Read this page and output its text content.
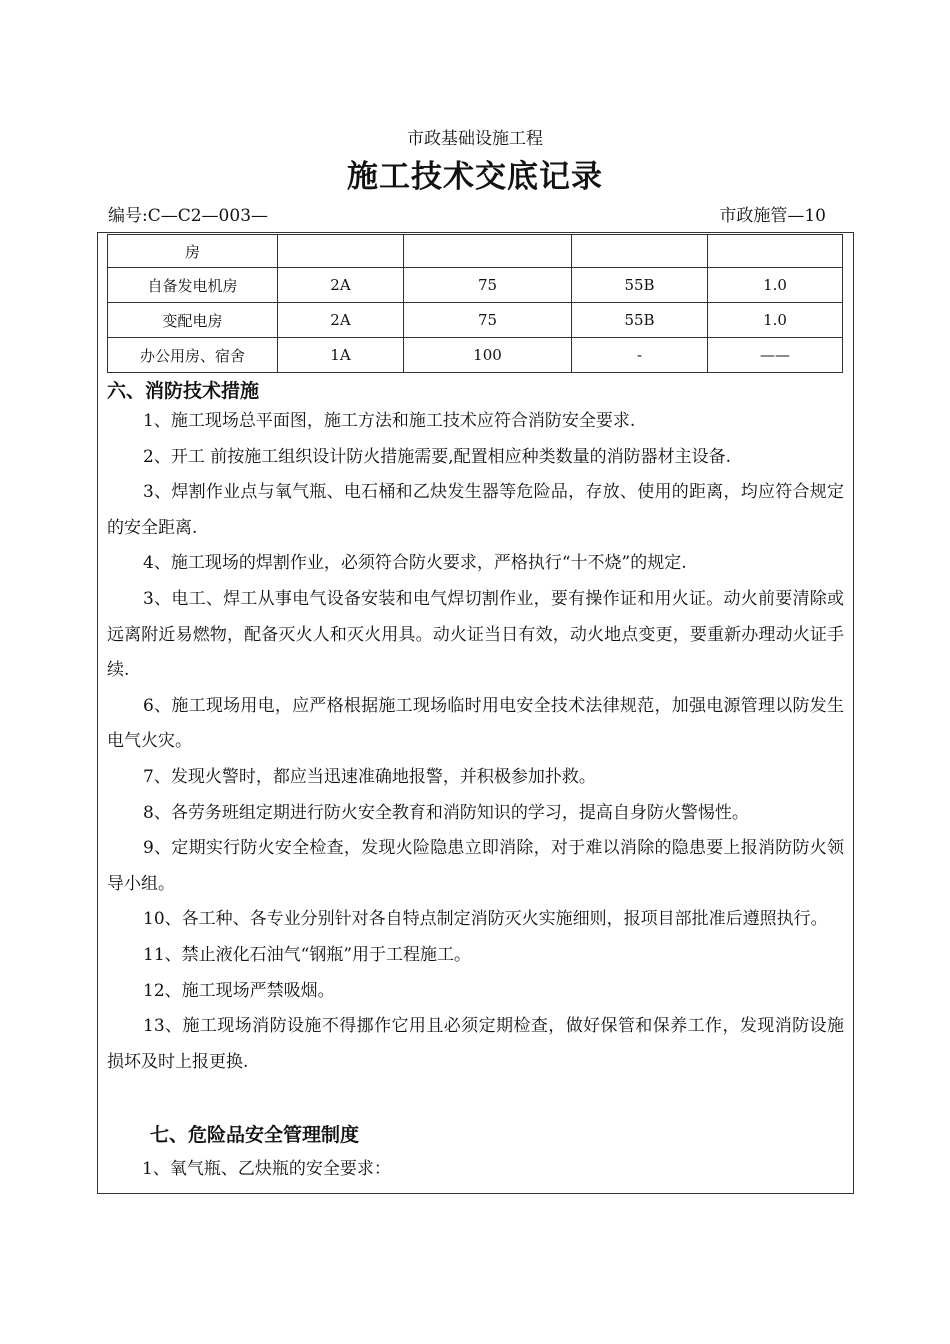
市政基础设施工程
施工技术交底记录
编号:C—C2—003—	市政施管—10
房				
自备发电机房	2A	75	55B	1.0
变配电房	2A	75	55B	1.0
办公用房、宿舍	1A	100	-	——
六、消防技术措施

1、施工现场总平面图，施工方法和施工技术应符合消防安全要求.

2、开工 前按施工组织设计防火措施需要,配置相应种类数量的消防器材主设备.

3、焊割作业点与氧气瓶、电石桶和乙炔发生器等危险品，存放、使用的距离，均应符合规定的安全距离.

4、施工现场的焊割作业，必须符合防火要求，严格执行“十不烧”的规定.

3、电工、焊工从事电气设备安装和电气焊切割作业，要有操作证和用火证。动火前要清除或远离附近易燃物，配备灭火人和灭火用具。动火证当日有效，动火地点变更，要重新办理动火证手续.

6、施工现场用电，应严格根据施工现场临时用电安全技术法律规范，加强电源管理以防发生电气火灾。

7、发现火警时，都应当迅速准确地报警，并积极参加扑救。

8、各劳务班组定期进行防火安全教育和消防知识的学习，提高自身防火警惕性。

9、定期实行防火安全检查，发现火险隐患立即消除，对于难以消除的隐患要上报消防防火领导小组。

10、各工种、各专业分别针对各自特点制定消防灭火实施细则，报项目部批准后遵照执行。

11、禁止液化石油气“钢瓶”用于工程施工。

12、施工现场严禁吸烟。

13、施工现场消防设施不得挪作它用且必须定期检查，做好保管和保养工作，发现消防设施损坏及时上报更换.

七、危险品安全管理制度
1、氧气瓶、乙炔瓶的安全要求：
